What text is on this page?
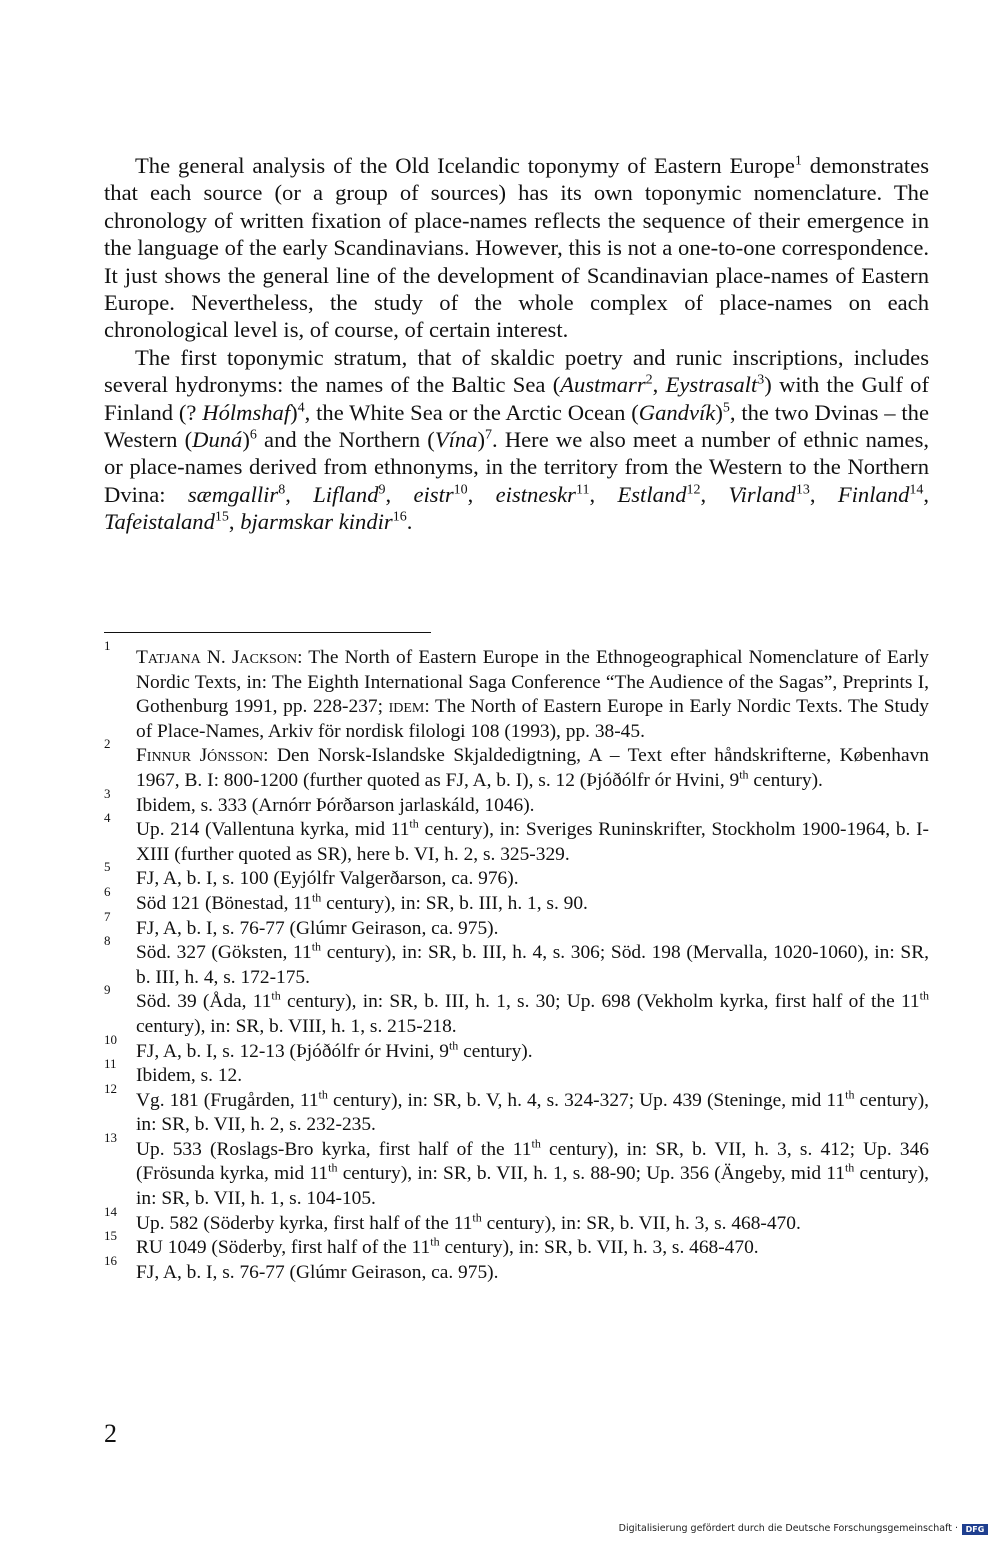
The general analysis of the Old Icelandic toponymy of Eastern Europe$^1$ demonstrates that each source (or a group of sources) has its own toponymic nomenclature. The chronology of written fixation of place-names reflects the sequence of their emergence in the language of the early Scandinavians. However, this is not a one-to-one correspondence. It just shows the general line of the development of Scandinavian place-names of Eastern Europe. Nevertheless, the study of the whole complex of place-names on each chronological level is, of course, of certain interest.

The first toponymic stratum, that of skaldic poetry and runic inscriptions, includes several hydronyms: the names of the Baltic Sea (Austmarr$^2$, Eystrasalt$^3$) with the Gulf of Finland (? Hólmshaf)$^4$, the White Sea or the Arctic Ocean (Gandvík)$^5$, the two Dvinas – the Western (Duná)$^6$ and the Northern (Vína)$^7$. Here we also meet a number of ethnic names, or place-names derived from ethnonyms, in the territory from the Western to the Northern Dvina: sæmgallir$^8$, Lifland$^9$, eistr$^{10}$, eistneskr$^{11}$, Estland$^{12}$, Virland$^{13}$, Finland$^{14}$, Tafeistaland$^{15}$, bjarmskar kindir$^{16}$.

1
Tatjana N. Jackson: The North of Eastern Europe in the Ethnogeographical Nomenclature of Early Nordic Texts, in: The Eighth International Saga Conference “The Audience of the Sagas”, Preprints I, Gothenburg 1991, pp. 228-237; idem: The North of Eastern Europe in Early Nordic Texts. The Study of Place-Names, Arkiv för nordisk filologi 108 (1993), pp. 38-45.
2
Finnur Jónsson: Den Norsk-Islandske Skjaldedigtning, A – Text efter håndskrifterne, København 1967, B. I: 800-1200 (further quoted as FJ, A, b. I), s. 12 (Þjóðólfr ór Hvini, 9th century).
3
Ibidem, s. 333 (Arnórr Þórðarson jarlaskáld, 1046).
4
Up. 214 (Vallentuna kyrka, mid 11th century), in: Sveriges Runinskrifter, Stockholm 1900-1964, b. I-XIII (further quoted as SR), here b. VI, h. 2, s. 325-329.
5
FJ, A, b. I, s. 100 (Eyjólfr Valgerðarson, ca. 976).
6
Söd 121 (Bönestad, 11th century), in: SR, b. III, h. 1, s. 90.
7
FJ, A, b. I, s. 76-77 (Glúmr Geirason, ca. 975).
8
Söd. 327 (Göksten, 11th century), in: SR, b. III, h. 4, s. 306; Söd. 198 (Mervalla, 1020-1060), in: SR, b. III, h. 4, s. 172-175.
9
Söd. 39 (Åda, 11th century), in: SR, b. III, h. 1, s. 30; Up. 698 (Vekholm kyrka, first half of the 11th century), in: SR, b. VIII, h. 1, s. 215-218.
10
FJ, A, b. I, s. 12-13 (Þjóðólfr ór Hvini, 9th century).
11
Ibidem, s. 12.
12
Vg. 181 (Frugården, 11th century), in: SR, b. V, h. 4, s. 324-327; Up. 439 (Steninge, mid 11th century), in: SR, b. VII, h. 2, s. 232-235.
13
Up. 533 (Roslags-Bro kyrka, first half of the 11th century), in: SR, b. VII, h. 3, s. 412; Up. 346 (Frösunda kyrka, mid 11th century), in: SR, b. VII, h. 1, s. 88-90; Up. 356 (Ängeby, mid 11th century), in: SR, b. VII, h. 1, s. 104-105.
14
Up. 582 (Söderby kyrka, first half of the 11th century), in: SR, b. VII, h. 3, s. 468-470.
15
RU 1049 (Söderby, first half of the 11th century), in: SR, b. VII, h. 3, s. 468-470.
16
FJ, A, b. I, s. 76-77 (Glúmr Geirason, ca. 975).
2
Digitalisierung gefördert durch die Deutsche Forschungsgemeinschaft · DFG
